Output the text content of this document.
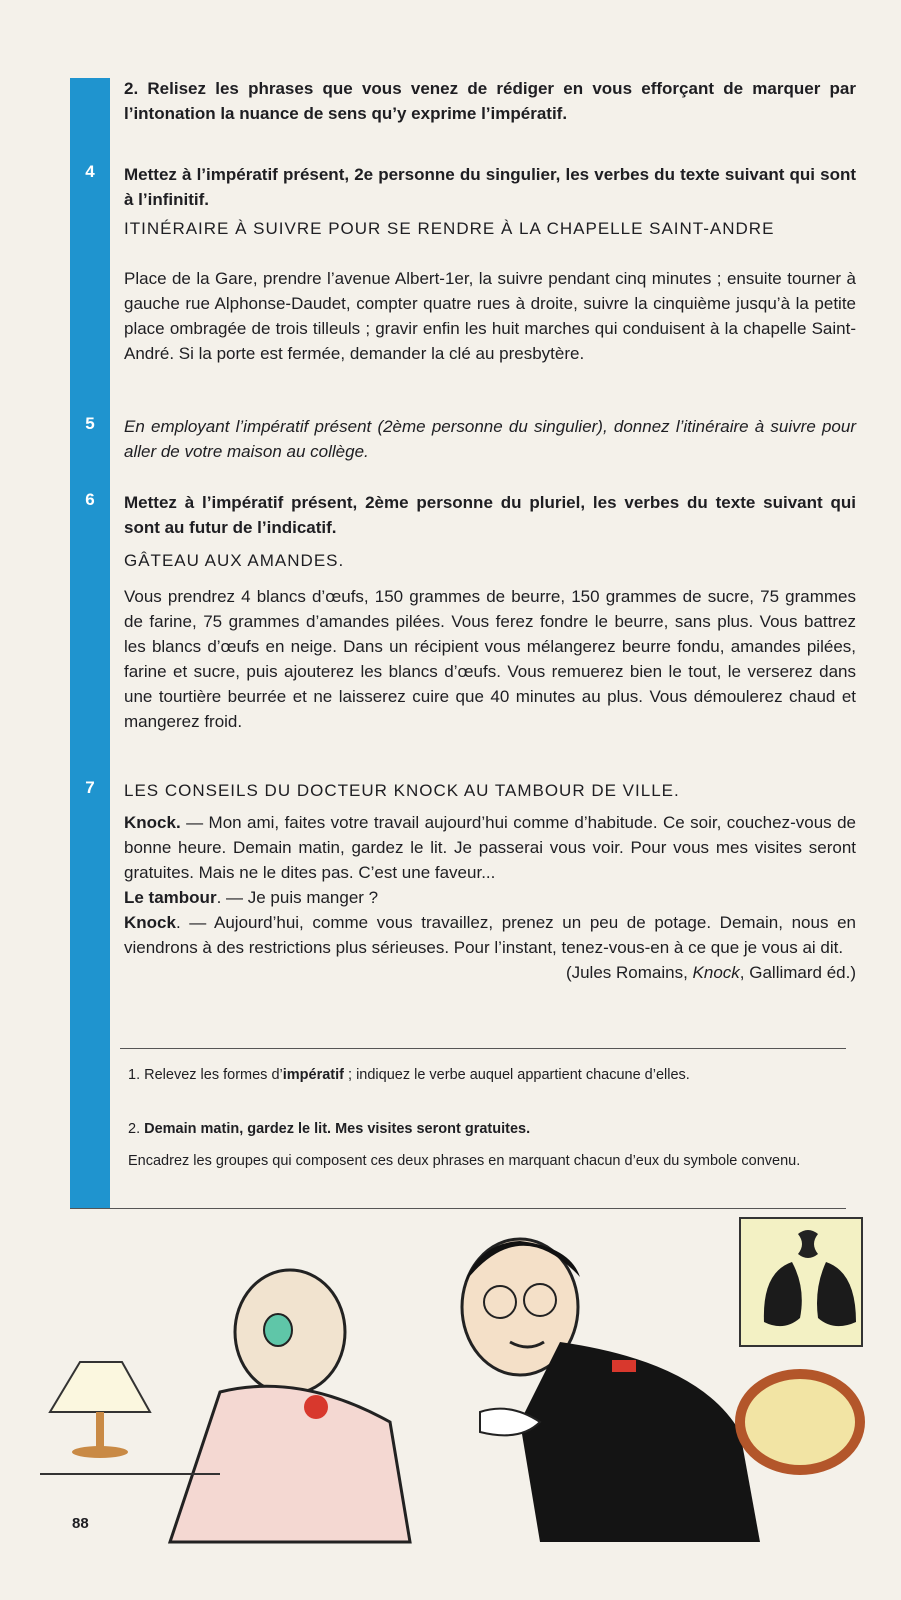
2. Relisez les phrases que vous venez de rédiger en vous efforçant de marquer par l’intonation la nuance de sens qu’y exprime l’impératif.
4	Mettez à l’impératif présent, 2e personne du singulier, les verbes du texte suivant qui sont à l’infinitif.
ITINÉRAIRE À SUIVRE POUR SE RENDRE À LA CHAPELLE SAINT-ANDRE
Place de la Gare, prendre l’avenue Albert-1er, la suivre pendant cinq minutes ; ensuite tourner à gauche rue Alphonse-Daudet, compter quatre rues à droite, suivre la cinquième jusqu’à la petite place ombragée de trois tilleuls ; gravir enfin les huit marches qui conduisent à la chapelle Saint-André. Si la porte est fermée, demander la clé au presbytère.
5	En employant l’impératif présent (2ème personne du singulier), donnez l’itinéraire à suivre pour aller de votre maison au collège.
6	Mettez à l’impératif présent, 2ème personne du pluriel, les verbes du texte suivant qui sont au futur de l’indicatif.
GÂTEAU AUX AMANDES.
Vous prendrez 4 blancs d’œufs, 150 grammes de beurre, 150 grammes de sucre, 75 grammes de farine, 75 grammes d’amandes pilées. Vous ferez fondre le beurre, sans plus. Vous battrez les blancs d’œufs en neige. Dans un récipient vous mélangerez beurre fondu, amandes pilées, farine et sucre, puis ajouterez les blancs d’œufs. Vous remuerez bien le tout, le verserez dans une tourtière beurrée et ne laisserez cuire que 40 minutes au plus. Vous démoulerez chaud et mangerez froid.
7	LES CONSEILS DU DOCTEUR KNOCK AU TAMBOUR DE VILLE.
Knock. — Mon ami, faites votre travail aujourd’hui comme d’habitude. Ce soir, couchez-vous de bonne heure. Demain matin, gardez le lit. Je passerai vous voir. Pour vous mes visites seront gratuites. Mais ne le dites pas. C’est une faveur...
Le tambour. — Je puis manger ?
Knock. — Aujourd’hui, comme vous travaillez, prenez un peu de potage. Demain, nous en viendrons à des restrictions plus sérieuses. Pour l’instant, tenez-vous-en à ce que je vous ai dit.
(Jules Romains, Knock, Gallimard éd.)
1. Relevez les formes d’impératif ; indiquez le verbe auquel appartient chacune d’elles.
2. Demain matin, gardez le lit. Mes visites seront gratuites.
Encadrez les groupes qui composent ces deux phrases en marquant chacun d’eux du symbole convenu.
88
